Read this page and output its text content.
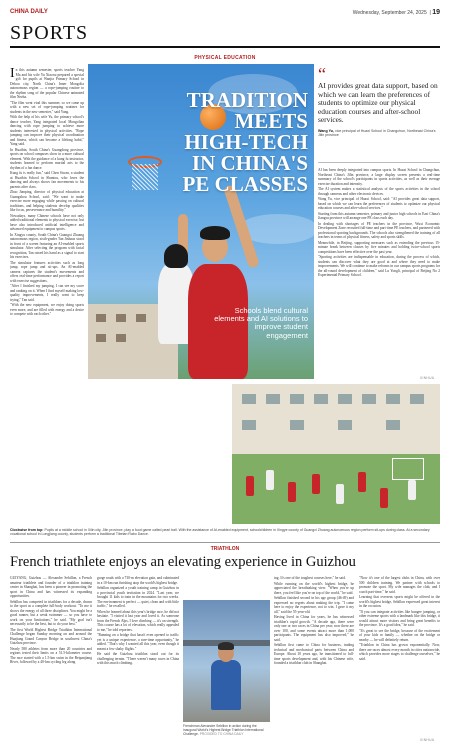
CHINA DAILY	Wednesday, September 24, 2025  | 19
SPORTS
PHYSICAL EDUCATION

In this autumn semester, sports teacher Yang Ma and his wife Yu Xiaoxu prepared a special gift for pupils at Wanjia Primary School in Dekou city, North China's Inner Mongolia autonomous region — a rope-jumping routine to the rhythm song of the popular Chinese animated film Nezha.

"The film went viral this summer, so we came up with a new set of rope-jumping routines for students in the new semester," said Yang.

With the help of his wife Yu, the primary school's dance teacher, Yang integrated local Mongolian dancing with rope jumping to achieve more students interested in physical activities. "Rope jumping can improve their physical coordination and fitness, which can become a lifelong habit," Yang said.

In Huaibin, South China's Guangdong province, sports on school campuses show in a more cultural element. With the guidance of a kung fu instructor, students learned to perform martial arts to the rhythm of a fan dance.

Kung fu is really fun," said Chen Siwan, a student at Huaibin School in Shantou, who loves the dancing and always shows fan movements to his parents after class.

Zhao Jianping, director of physical education at Guangzhou School, said: "We want to make exercise more engaging while passing on cultural traditions, and helping students develop qualities like focus, perseverance and humility."

Nowadays, many Chinese schools have not only added traditional elements to physical exercise, but have also introduced artificial intelligence and advanced equipment to campus sports.

In Xingyu county, South China's Guangxi Zhuang autonomous region, sixth-grader Tan Jinhaus stood in front of a screen featuring an AI-enabled sports simulator. After selecting the program with facial recognition, Tan raised his hand as a signal to start his exercises.

The simulator features activities such as long jump, rope jump and sit-ups. An AI-enabled camera captures the student's movements and offers real-time performance and provides a report with exercise suggestions.

"After I finished my jumping, I can see my score and ranking on it. When I find myself making low-quality improvements, I really want to keep trying," Tan said.

"With the new equipment, we enjoy doing sports even more, and are filled with energy and a desire to compete with each other."

TRADITION
MEETS
HIGH-TECH
IN CHINA'S
PE CLASSES
Schools blend cultural elements and AI solutions to improve student engagement
“
AI provides great data support, based on which we can learn the preferences of students to optimize our physical education courses and after-school services.
Wang Yu, vice principal of Huaxi School in Changchun, Northeast China's Jilin province

AI has been deeply integrated into campus sports. In Huaxi School in Changchun, Northeast China's Jilin province, a large display screen presents a real-time summary of the school's participants in sports activities, as well as their average exercise duration and intensity.

The AI system makes a statistical analysis of the sports activities in the school through cameras and other electronic devices.

Wang Yu, vice principal of Huaxi School, said: "AI provides great data support, based on which we can learn the preferences of students to optimize our physical education courses and after-school services."

Starting from this autumn semester, primary and junior high schools in East China's Jiangsu province will arrange one PE class each day.

In dealing with shortages of PE teachers in the province, Wuxi Economic Development Zone recruited full-time and part-time PE teachers, and partnered with professional sporting backgrounds. The schools also strengthened the training of all teachers in terms of physical fitness, safety and sports skills.

Meanwhile, in Beijing, supporting measures such as extending the previous 15-minute break between classes by five minutes and holding twice-school sports competitions have been effective over the past year.

"Sporting activities are indispensable in education, during the process of which, students can discover what they are good at and where they need to make improvements. We will continue to make reforms in our campus sports programs for the all-round development of children," said Lu Yongli, principal of Beijing No 2 Experimental Primary School.

XINHUA
Clockwise from top: Pupils at a middle school in Xilin city, Jilin province, play a food game called pearl ball. With the assistance of AI-enabled equipment, schoolchildren in Xingye county of Guangxi Zhuang autonomous region perform sit-ups during class. At a secondary vocational school in Longjiang county, students perform a traditional Tibetan Rabo Dance.
TRIATHLON
French triathlete enjoys an elevating experience in Guizhou

GUIYANG, Guizhou — Alexandre Sebillon, a French amateur triathlete and founder of a triathlon training center in Shanghai, has been a pioneer in promoting the sport in China and has witnessed its expanding opportunities.

Sebillon has competed in triathlons for a decade, drawn to the sport as a complete full-body workout. "To me it shows the energy of all three disciplines. You might be a good runner, but a weak swimmer — so you have to work on your limitations," he said. "My goal isn't necessarily to be the best, but to do your best."

The first World Highest Bridge Triathlon International Challenge began Sunday morning on and around the Huajiang Grand Canyon Bridge in southwest China's Guizhou province.

Nearly 580 athletes from more than 20 countries and regions tested their limits on a 51.5-kilometer course. The race started with a 1.5-km swim in the Beipanjiang River, followed by a 40-km cycling leg along

gorge roads with a 730-m elevation gain, and culminated in a 10-km run finishing atop the world's highest bridge.

Sebillon organized a youth training camp in Guizhou in a provincial youth invitation in 2024. "Last year, we brought 11 kids to train in the mountains for two weeks. The environment is perfect — quiet, clean and with little traffic," he recalled.

When he learned about this year's bridge race, he did not hesitate. "I visited it last year and loved it. As someone from the French Alps, I love climbing — it's on strength. This course has a lot of elevation, which really appealed to me," he told reporters.

"Running on a bridge that hasn't even opened to traffic yet is a unique experience, a rare-time opportunity," he added. "That's why I wanted all this year, even though it meant a few shaky flights."

He said the Guizhou triathlon stood out for its challenging terrain. "There weren't many races in China with this much climbing.

Frenchman Alexandre Sebillon in action during the inaugural World's Highest Bridge Triathlon International Challenge. PROVIDED TO CHINA DAILY

ing. It's one of the toughest courses here," he said.

While running on the world's highest bridge, he appreciated the breathtaking view. "When you're up there, you feel like you're on top of the world," he said.

Sebillon finished second in his age group (46-49) and expressed no regrets about making the trip. "I came here to enjoy the experience, not to win. I gave it my all," said the 55-year-old.

Having lived in China for years, he has witnessed triathlon's rapid growth. "A decade ago, there were only one or two races in China per year; now there are over 100, and some events attract more than 1,000 participants. The equipment has also improved," he said.

Sebillon first came to China for business, trading technical and mechanical parts between China and Europe. About 10 years ago, he transitioned to full-time sports development and, with his Chinese wife, founded a triathlon club in Shanghai.

"Now it's one of the largest clubs in China, with over 500 children training. We partner with schools to promote the sport. My wife manages the club, and I coach part-time," he said.

Learning that overseas sports might be offered in the world's highest bridge, Sebillon expressed great interest in the occasion.

"If you can integrate activities like bungee jumping, or other extreme sports with a landmark like this bridge, it would attract more visitors and bring great benefits to the province. It's a good idea," he said.

"It's great to see the bridge, because of the excitement of your kids or family — whether on the bridge or nearby — he will definitely return.

"Triathlon in China has grown exponentially. Now, there are races almost every month in cities nationwide, which provides more stages to challenge ourselves," he said.

XINHUA
